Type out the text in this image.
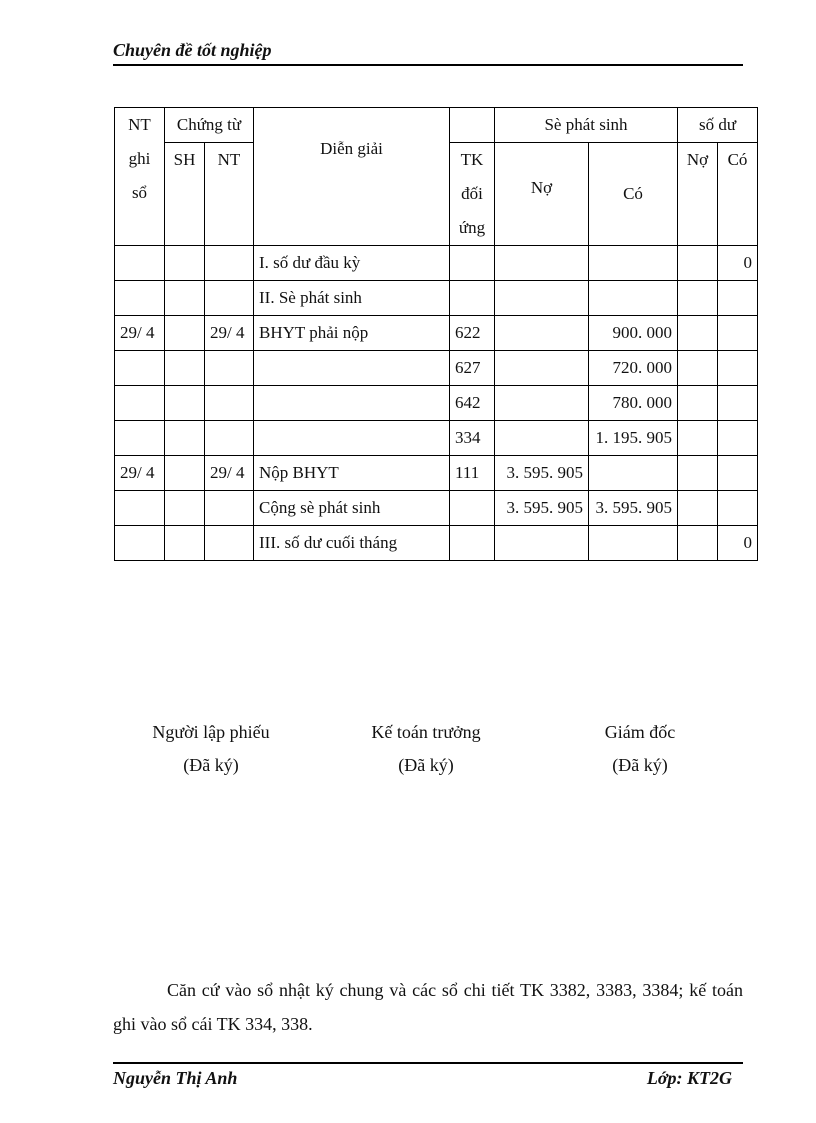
Chuyên đề tốt nghiệp
NT
ghi
sổ	Chứng từ		Diễn giải		Sè phát sinh		số dư	
	SH	NT		TK
đối
ứng	Nợ	Có	Nợ	Có
			I. số dư đầu kỳ					0
			II. Sè phát sinh					
29/ 4		29/ 4	BHYT phải nộp	622		900. 000		
				627		720. 000		
				642		780. 000		
				334		1. 195. 905		
29/ 4		29/ 4	Nộp BHYT	111	3. 595. 905			
			Cộng sè phát sinh		3. 595. 905	3. 595. 905		
			III. số dư cuối tháng					0
Người lập phiếu
(Đã ký)
Kế toán trưởng
(Đã ký)
Giám đốc
(Đã ký)
Căn cứ vào sổ nhật ký chung và các sổ chi tiết TK 3382, 3383, 3384; kế toán ghi vào sổ cái TK 334, 338.
Nguyễn Thị Anh	Lớp: KT2G
